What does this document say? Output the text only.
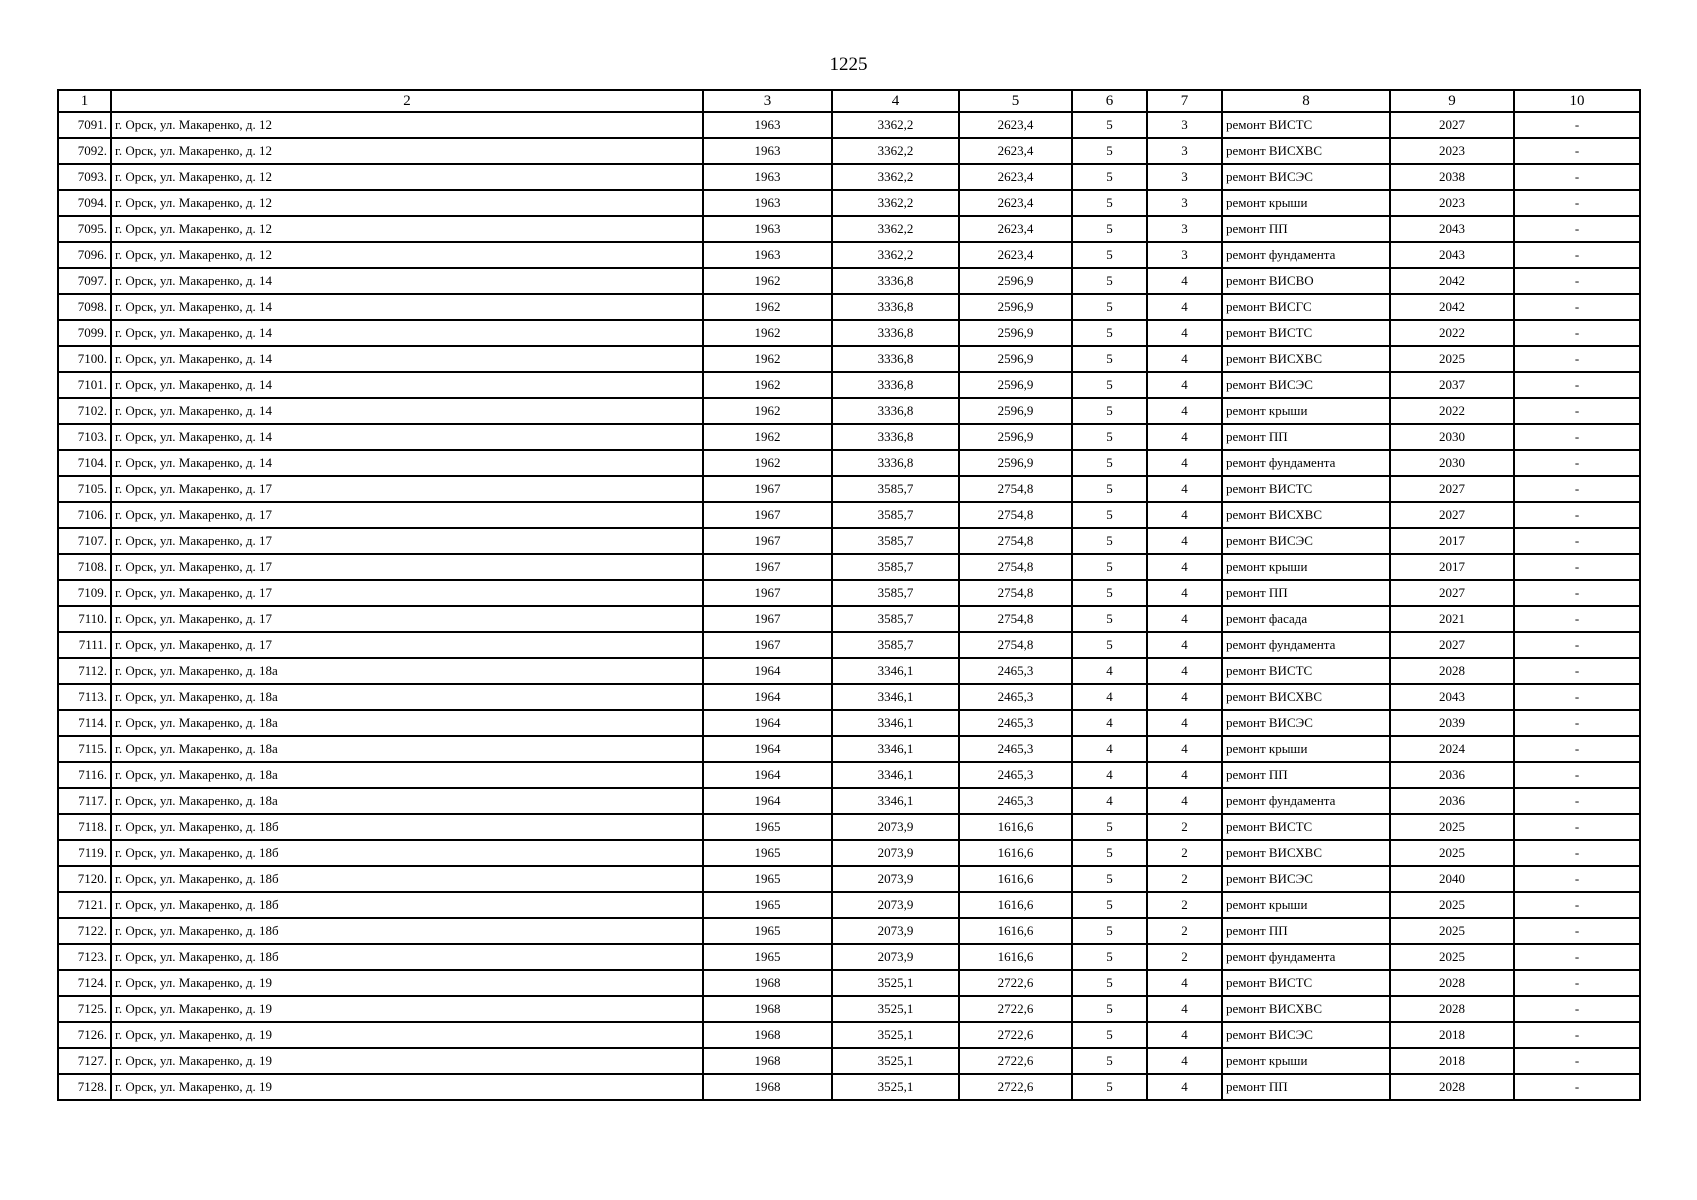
1225
1	2	3	4	5	6	7	8	9	10
7091.	г. Орск, ул. Макаренко, д. 12	1963	3362,2	2623,4	5	3	ремонт ВИСТС	2027	-
7092.	г. Орск, ул. Макаренко, д. 12	1963	3362,2	2623,4	5	3	ремонт ВИСХВС	2023	-
7093.	г. Орск, ул. Макаренко, д. 12	1963	3362,2	2623,4	5	3	ремонт ВИСЭС	2038	-
7094.	г. Орск, ул. Макаренко, д. 12	1963	3362,2	2623,4	5	3	ремонт крыши	2023	-
7095.	г. Орск, ул. Макаренко, д. 12	1963	3362,2	2623,4	5	3	ремонт ПП	2043	-
7096.	г. Орск, ул. Макаренко, д. 12	1963	3362,2	2623,4	5	3	ремонт фундамента	2043	-
7097.	г. Орск, ул. Макаренко, д. 14	1962	3336,8	2596,9	5	4	ремонт ВИСВО	2042	-
7098.	г. Орск, ул. Макаренко, д. 14	1962	3336,8	2596,9	5	4	ремонт ВИСГС	2042	-
7099.	г. Орск, ул. Макаренко, д. 14	1962	3336,8	2596,9	5	4	ремонт ВИСТС	2022	-
7100.	г. Орск, ул. Макаренко, д. 14	1962	3336,8	2596,9	5	4	ремонт ВИСХВС	2025	-
7101.	г. Орск, ул. Макаренко, д. 14	1962	3336,8	2596,9	5	4	ремонт ВИСЭС	2037	-
7102.	г. Орск, ул. Макаренко, д. 14	1962	3336,8	2596,9	5	4	ремонт крыши	2022	-
7103.	г. Орск, ул. Макаренко, д. 14	1962	3336,8	2596,9	5	4	ремонт ПП	2030	-
7104.	г. Орск, ул. Макаренко, д. 14	1962	3336,8	2596,9	5	4	ремонт фундамента	2030	-
7105.	г. Орск, ул. Макаренко, д. 17	1967	3585,7	2754,8	5	4	ремонт ВИСТС	2027	-
7106.	г. Орск, ул. Макаренко, д. 17	1967	3585,7	2754,8	5	4	ремонт ВИСХВС	2027	-
7107.	г. Орск, ул. Макаренко, д. 17	1967	3585,7	2754,8	5	4	ремонт ВИСЭС	2017	-
7108.	г. Орск, ул. Макаренко, д. 17	1967	3585,7	2754,8	5	4	ремонт крыши	2017	-
7109.	г. Орск, ул. Макаренко, д. 17	1967	3585,7	2754,8	5	4	ремонт ПП	2027	-
7110.	г. Орск, ул. Макаренко, д. 17	1967	3585,7	2754,8	5	4	ремонт фасада	2021	-
7111.	г. Орск, ул. Макаренко, д. 17	1967	3585,7	2754,8	5	4	ремонт фундамента	2027	-
7112.	г. Орск, ул. Макаренко, д. 18а	1964	3346,1	2465,3	4	4	ремонт ВИСТС	2028	-
7113.	г. Орск, ул. Макаренко, д. 18а	1964	3346,1	2465,3	4	4	ремонт ВИСХВС	2043	-
7114.	г. Орск, ул. Макаренко, д. 18а	1964	3346,1	2465,3	4	4	ремонт ВИСЭС	2039	-
7115.	г. Орск, ул. Макаренко, д. 18а	1964	3346,1	2465,3	4	4	ремонт крыши	2024	-
7116.	г. Орск, ул. Макаренко, д. 18а	1964	3346,1	2465,3	4	4	ремонт ПП	2036	-
7117.	г. Орск, ул. Макаренко, д. 18а	1964	3346,1	2465,3	4	4	ремонт фундамента	2036	-
7118.	г. Орск, ул. Макаренко, д. 18б	1965	2073,9	1616,6	5	2	ремонт ВИСТС	2025	-
7119.	г. Орск, ул. Макаренко, д. 18б	1965	2073,9	1616,6	5	2	ремонт ВИСХВС	2025	-
7120.	г. Орск, ул. Макаренко, д. 18б	1965	2073,9	1616,6	5	2	ремонт ВИСЭС	2040	-
7121.	г. Орск, ул. Макаренко, д. 18б	1965	2073,9	1616,6	5	2	ремонт крыши	2025	-
7122.	г. Орск, ул. Макаренко, д. 18б	1965	2073,9	1616,6	5	2	ремонт ПП	2025	-
7123.	г. Орск, ул. Макаренко, д. 18б	1965	2073,9	1616,6	5	2	ремонт фундамента	2025	-
7124.	г. Орск, ул. Макаренко, д. 19	1968	3525,1	2722,6	5	4	ремонт ВИСТС	2028	-
7125.	г. Орск, ул. Макаренко, д. 19	1968	3525,1	2722,6	5	4	ремонт ВИСХВС	2028	-
7126.	г. Орск, ул. Макаренко, д. 19	1968	3525,1	2722,6	5	4	ремонт ВИСЭС	2018	-
7127.	г. Орск, ул. Макаренко, д. 19	1968	3525,1	2722,6	5	4	ремонт крыши	2018	-
7128.	г. Орск, ул. Макаренко, д. 19	1968	3525,1	2722,6	5	4	ремонт ПП	2028	-
